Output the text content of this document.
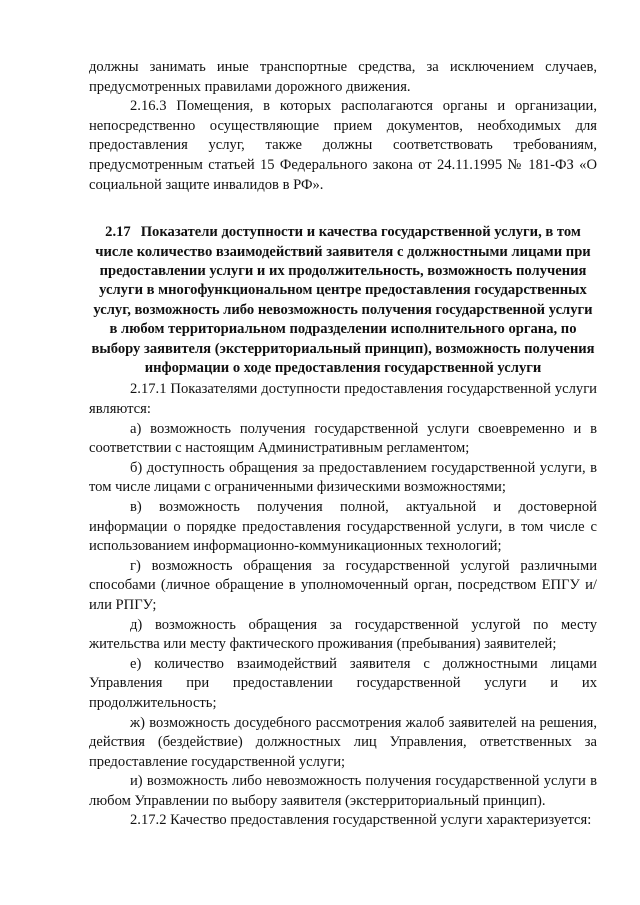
должны занимать иные транспортные средства, за исключением случаев, предусмотренных правилами дорожного движения.

2.16.3 Помещения, в которых располагаются органы и организации, непосредственно осуществляющие прием документов, необходимых для предоставления услуг, также должны соответствовать требованиям, предусмотренным статьей 15 Федерального закона от 24.11.1995 № 181-ФЗ «О социальной защите инвалидов в РФ».

2.17 Показатели доступности и качества государственной услуги, в том числе количество взаимодействий заявителя с должностными лицами при предоставлении услуги и их продолжительность, возможность получения услуги в многофункциональном центре предоставления государственных услуг, возможность либо невозможность получения государственной услуги в любом территориальном подразделении исполнительного органа, по выбору заявителя (экстерриториальный принцип), возможность получения информации о ходе предоставления государственной услуги

2.17.1 Показателями доступности предоставления государственной услуги являются:

а) возможность получения государственной услуги своевременно и в соответствии с настоящим Административным регламентом;

б) доступность обращения за предоставлением государственной услуги, в том числе лицами с ограниченными физическими возможностями;

в) возможность получения полной, актуальной и достоверной информации о порядке предоставления государственной услуги, в том числе с использованием информационно-коммуникационных технологий;

г) возможность обращения за государственной услугой различными способами (личное обращение в уполномоченный орган, посредством ЕПГУ и/или РПГУ;

д) возможность обращения за государственной услугой по месту жительства или месту фактического проживания (пребывания) заявителей;

е) количество взаимодействий заявителя с должностными лицами Управления при предоставлении государственной услуги и их продолжительность;

ж) возможность досудебного рассмотрения жалоб заявителей на решения, действия (бездействие) должностных лиц Управления, ответственных за предоставление государственной услуги;

и) возможность либо невозможность получения государственной услуги в любом Управлении по выбору заявителя (экстерриториальный принцип).

2.17.2 Качество предоставления государственной услуги характеризуется:
